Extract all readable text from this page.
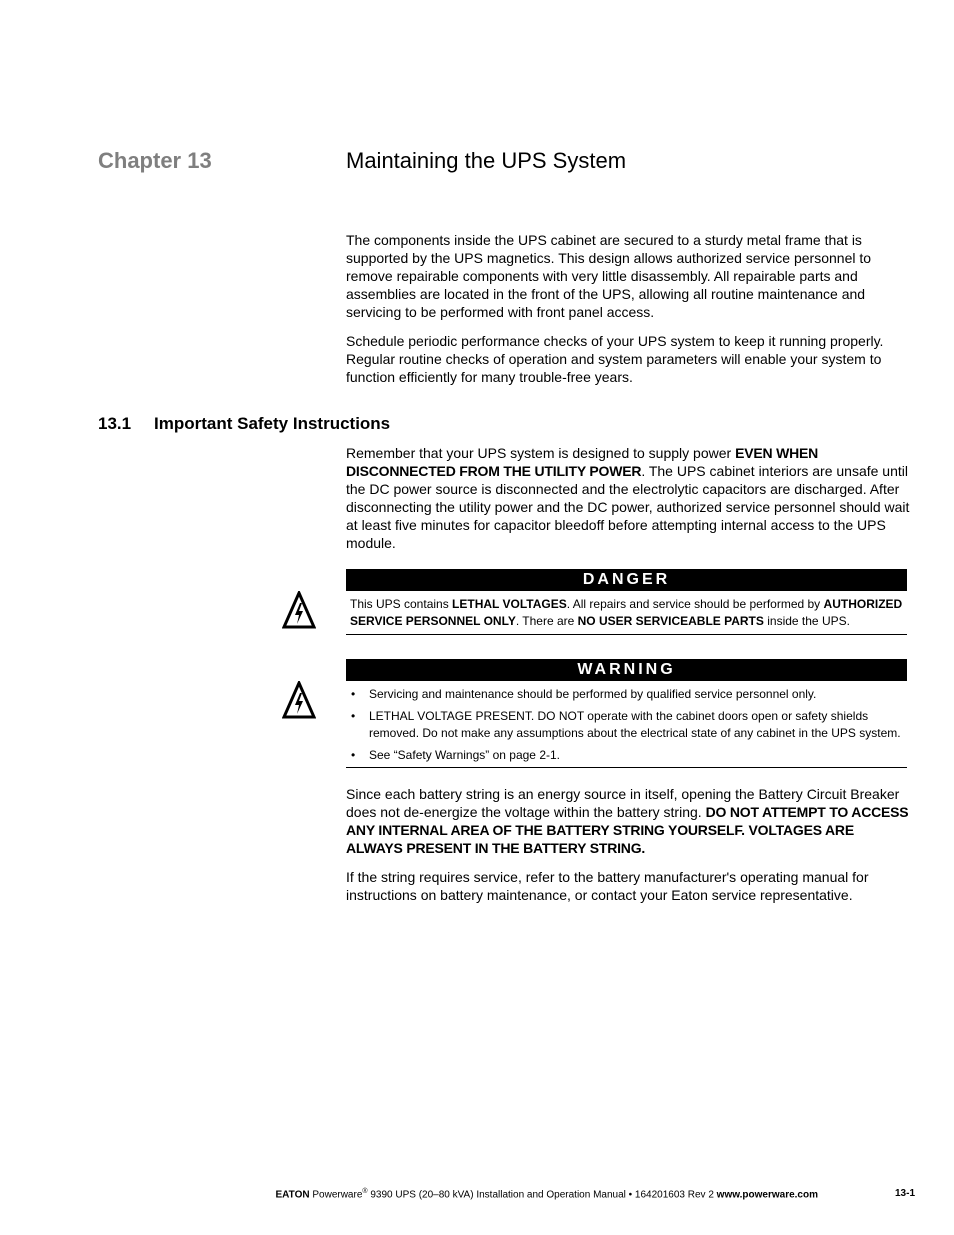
Chapter 13	Maintaining the UPS System

The components inside the UPS cabinet are secured to a sturdy metal frame that is supported by the UPS magnetics. This design allows authorized service personnel to remove repairable components with very little disassembly. All repairable parts and assemblies are located in the front of the UPS, allowing all routine maintenance and servicing to be performed with front panel access.

Schedule periodic performance checks of your UPS system to keep it running properly. Regular routine checks of operation and system parameters will enable your system to function efficiently for many trouble-free years.

13.1 Important Safety Instructions

Remember that your UPS system is designed to supply power EVEN WHEN DISCONNECTED FROM THE UTILITY POWER. The UPS cabinet interiors are unsafe until the DC power source is disconnected and the electrolytic capacitors are discharged. After disconnecting the utility power and the DC power, authorized service personnel should wait at least five minutes for capacitor bleedoff before attempting internal access to the UPS module.

DANGER

This UPS contains LETHAL VOLTAGES. All repairs and service should be performed by AUTHORIZED SERVICE PERSONNEL ONLY. There are NO USER SERVICEABLE PARTS inside the UPS.

WARNING
• Servicing and maintenance should be performed by qualified service personnel only.
• LETHAL VOLTAGE PRESENT. DO NOT operate with the cabinet doors open or safety shields removed. Do not make any assumptions about the electrical state of any cabinet in the UPS system.
• See “Safety Warnings” on page 2-1.

Since each battery string is an energy source in itself, opening the Battery Circuit Breaker does not de-energize the voltage within the battery string. DO NOT ATTEMPT TO ACCESS ANY INTERNAL AREA OF THE BATTERY STRING YOURSELF. VOLTAGES ARE ALWAYS PRESENT IN THE BATTERY STRING.

If the string requires service, refer to the battery manufacturer's operating manual for instructions on battery maintenance, or contact your Eaton service representative.

EATON Powerware® 9390 UPS (20–80 kVA) Installation and Operation Manual • 164201603 Rev 2 www.powerware.com	13-1
